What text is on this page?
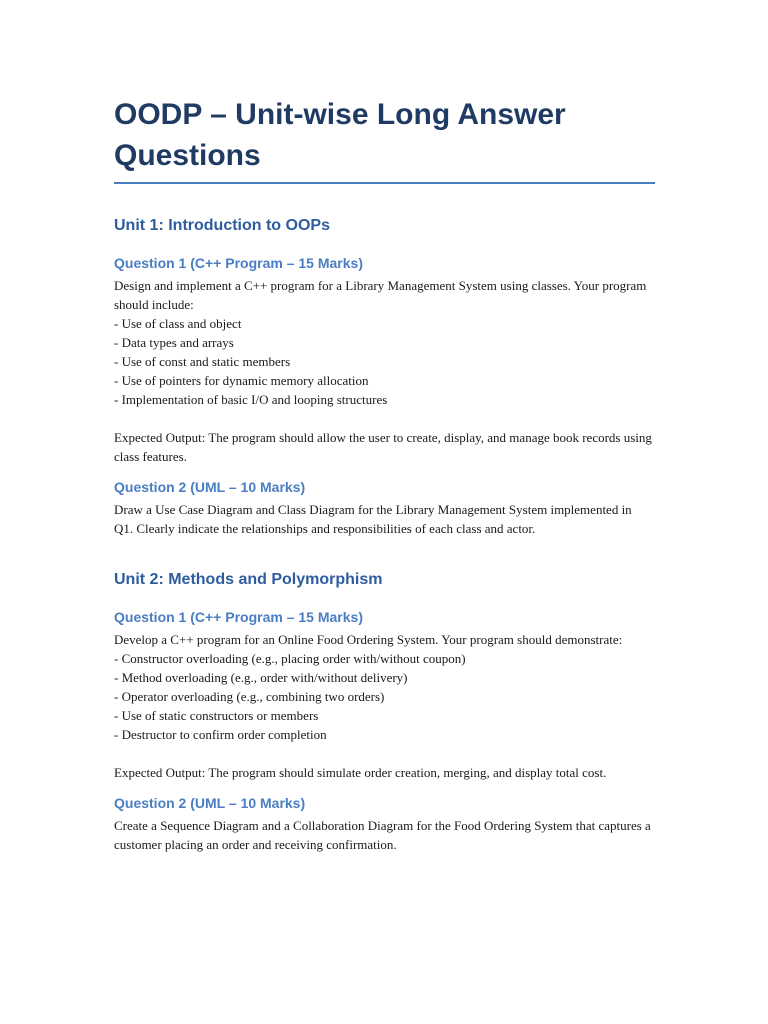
OODP – Unit-wise Long Answer Questions
Unit 1: Introduction to OOPs
Question 1 (C++ Program – 15 Marks)

Design and implement a C++ program for a Library Management System using classes. Your program should include:

- Use of class and object
- Data types and arrays
- Use of const and static members
- Use of pointers for dynamic memory allocation
- Implementation of basic I/O and looping structures

Expected Output: The program should allow the user to create, display, and manage book records using class features.

Question 2 (UML – 10 Marks)

Draw a Use Case Diagram and Class Diagram for the Library Management System implemented in Q1. Clearly indicate the relationships and responsibilities of each class and actor.

Unit 2: Methods and Polymorphism
Question 1 (C++ Program – 15 Marks)

Develop a C++ program for an Online Food Ordering System. Your program should demonstrate:

- Constructor overloading (e.g., placing order with/without coupon)
- Method overloading (e.g., order with/without delivery)
- Operator overloading (e.g., combining two orders)
- Use of static constructors or members
- Destructor to confirm order completion

Expected Output: The program should simulate order creation, merging, and display total cost.

Question 2 (UML – 10 Marks)

Create a Sequence Diagram and a Collaboration Diagram for the Food Ordering System that captures a customer placing an order and receiving confirmation.
